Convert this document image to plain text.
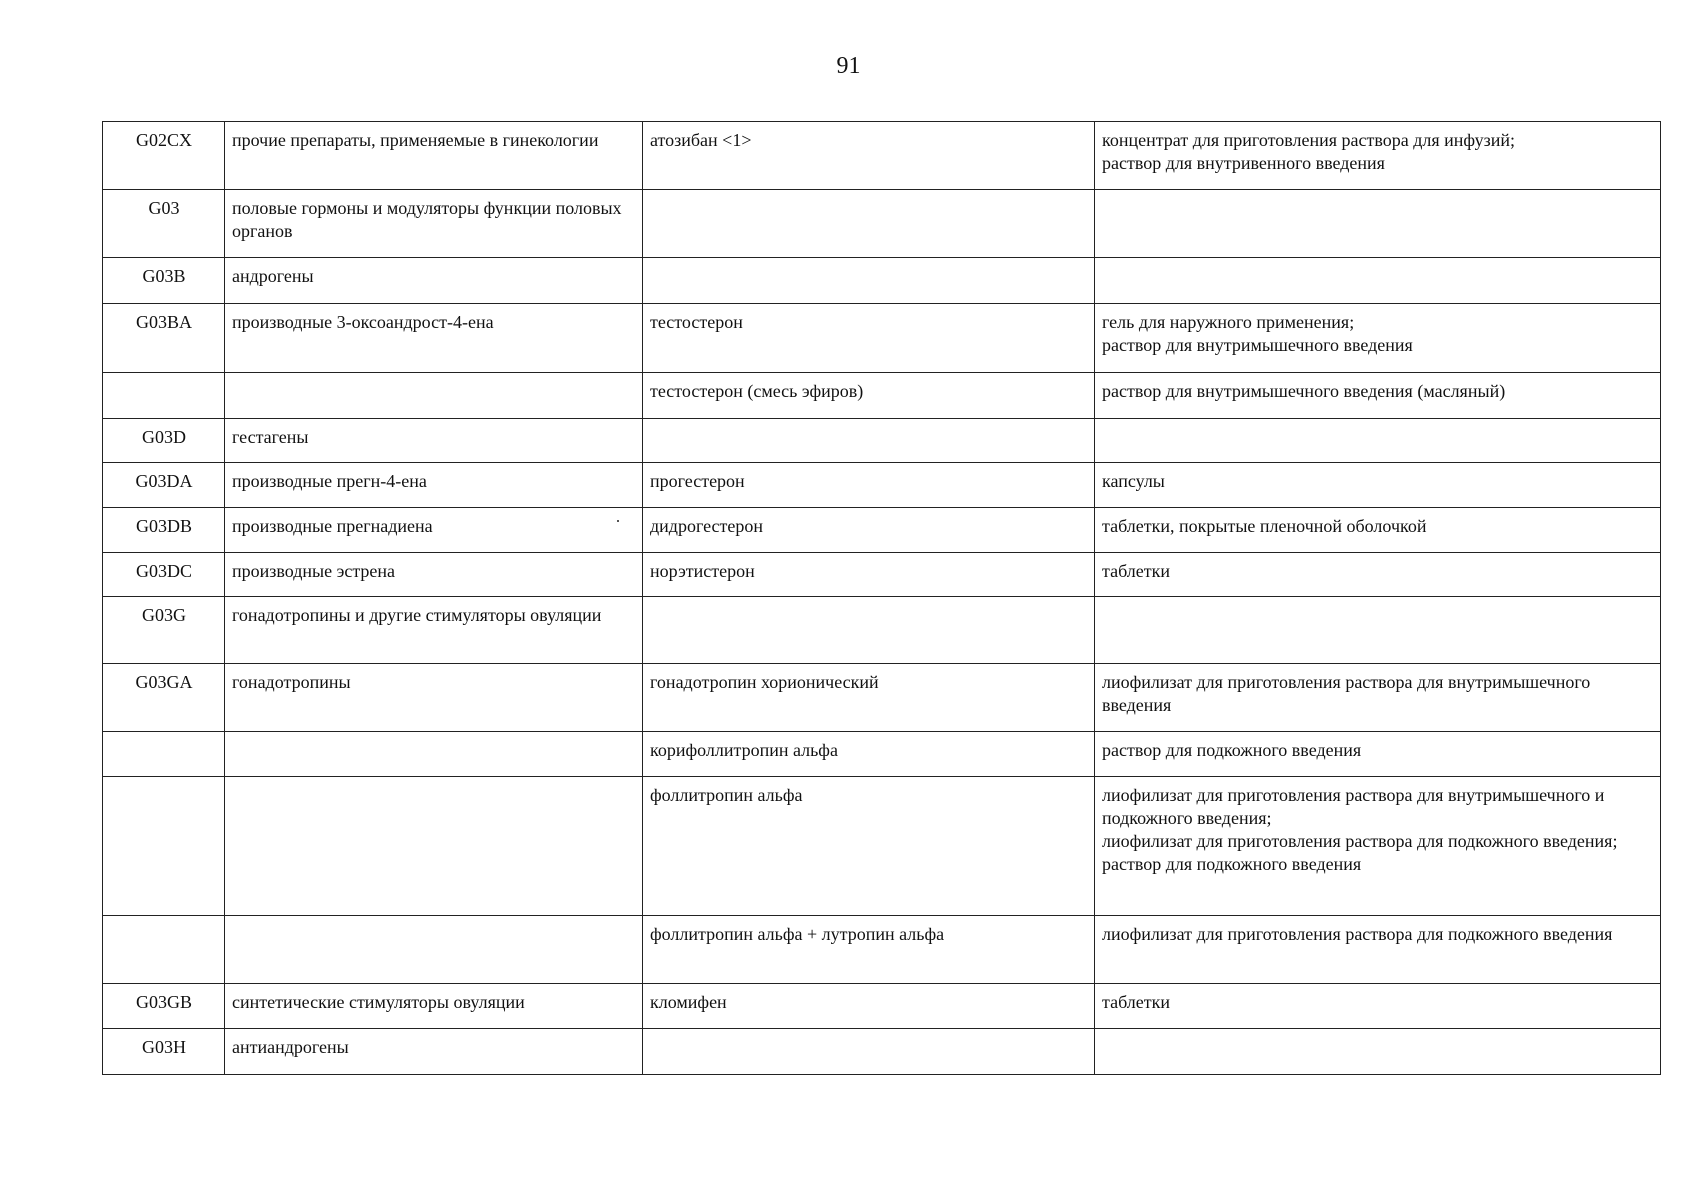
91
G02CX	прочие препараты, применяемые в гинекологии	атозибан <1>	концентрат для приготовления раствора для инфузий;
раствор для внутривенного введения
G03	половые гормоны и модуляторы функции половых органов		
G03B	андрогены		
G03BA	производные 3-оксоандрост-4-ена	тестостерон	гель для наружного применения;
раствор для внутримышечного введения
		тестостерон (смесь эфиров)	раствор для внутримышечного введения (масляный)
G03D	гестагены		
G03DA	производные прегн-4-ена	прогестерон	капсулы
G03DB	производные прегнадиена	дидрогестерон	таблетки, покрытые пленочной оболочкой
G03DC	производные эстрена	норэтистерон	таблетки
G03G	гонадотропины и другие стимуляторы овуляции		
G03GA	гонадотропины	гонадотропин хорионический	лиофилизат для приготовления раствора для внутримышечного введения
		корифоллитропин альфа	раствор для подкожного введения
		фоллитропин альфа	лиофилизат для приготовления раствора для внутримышечного и подкожного введения;
лиофилизат для приготовления раствора для подкожного введения;
раствор для подкожного введения
		фоллитропин альфа + лутропин альфа	лиофилизат для приготовления раствора для подкожного введения
G03GB	синтетические стимуляторы овуляции	кломифен	таблетки
G03H	антиандрогены		
